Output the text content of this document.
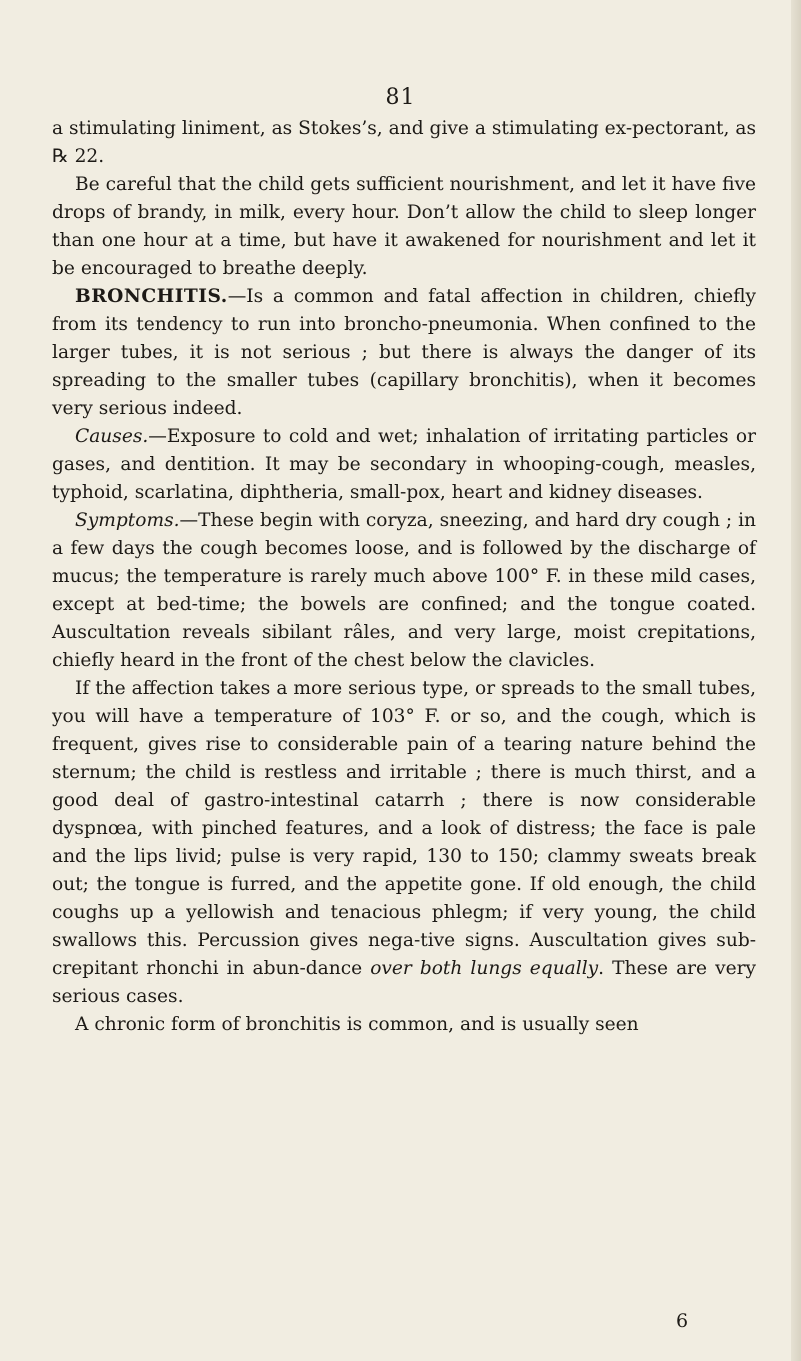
81

a stimulating liniment, as Stokes’s, and give a stimulating ex-pectorant, as ℞ 22.

Be careful that the child gets sufficient nourishment, and let it have five drops of brandy, in milk, every hour. Don’t allow the child to sleep longer than one hour at a time, but have it awakened for nourishment and let it be encouraged to breathe deeply.

BRONCHITIS.—Is a common and fatal affection in children, chiefly from its tendency to run into broncho-pneumonia. When confined to the larger tubes, it is not serious ; but there is always the danger of its spreading to the smaller tubes (capillary bronchitis), when it becomes very serious indeed.

Causes.—Exposure to cold and wet; inhalation of irritating particles or gases, and dentition. It may be secondary in whooping-cough, measles, typhoid, scarlatina, diphtheria, small-pox, heart and kidney diseases.

Symptoms.—These begin with coryza, sneezing, and hard dry cough ; in a few days the cough becomes loose, and is followed by the discharge of mucus; the temperature is rarely much above 100° F. in these mild cases, except at bed-time; the bowels are confined; and the tongue coated. Auscultation reveals sibilant râles, and very large, moist crepitations, chiefly heard in the front of the chest below the clavicles.

If the affection takes a more serious type, or spreads to the small tubes, you will have a temperature of 103° F. or so, and the cough, which is frequent, gives rise to considerable pain of a tearing nature behind the sternum; the child is restless and irritable ; there is much thirst, and a good deal of gastro-intestinal catarrh ; there is now considerable dyspnœa, with pinched features, and a look of distress; the face is pale and the lips livid; pulse is very rapid, 130 to 150; clammy sweats break out; the tongue is furred, and the appetite gone. If old enough, the child coughs up a yellowish and tenacious phlegm; if very young, the child swallows this. Percussion gives nega-tive signs. Auscultation gives sub-crepitant rhonchi in abun-dance over both lungs equally. These are very serious cases.

A chronic form of bronchitis is common, and is usually seen

6
